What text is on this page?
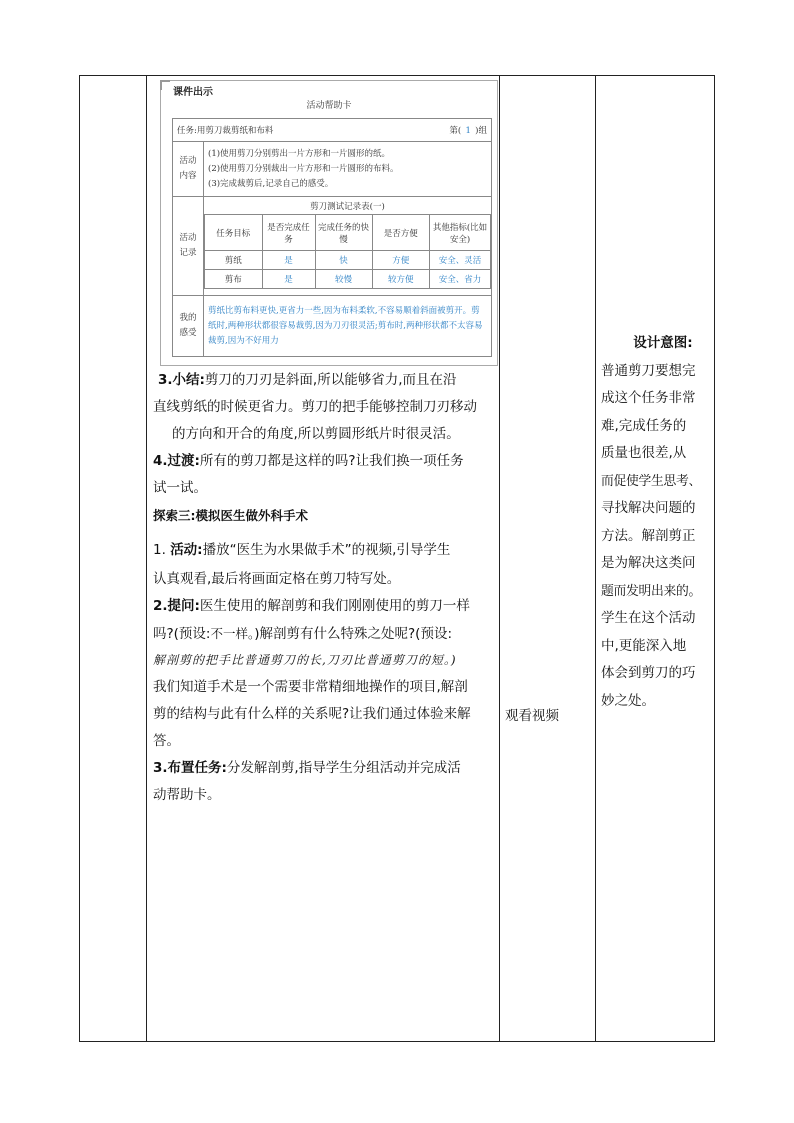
课件出示
活动帮助卡
任务:用剪刀裁剪纸和布料	第( 1 )组

活动内容	
(1)使用剪刀分别剪出一片方形和一片圆形的纸。
(2)使用剪刀分别裁出一片方形和一片圆形的布料。
(3)完成裁剪后,记录自己的感受。

活动记录	
剪刀测试记录表(一)
任务目标	是否完成任务	完成任务的快慢	是否方便	其他指标(比如安全)
剪纸	是	快	方便	安全、灵活
剪布	是	较慢	较方便	安全、省力

我的感受	剪纸比剪布料更快,更省力一些,因为布料柔软,不容易顺着斜面被剪开。剪纸时,两种形状都很容易裁剪,因为刀刃很灵活;剪布时,两种形状都不太容易裁剪,因为不好用力
3.小结:剪刀的刀刃是斜面,所以能够省力,而且在沿
直线剪纸的时候更省力。剪刀的把手能够控制刀刃移动
的方向和开合的角度,所以剪圆形纸片时很灵活。
4.过渡:所有的剪刀都是这样的吗?让我们换一项任务
试一试。
探索三:模拟医生做外科手术
1. 活动:播放“医生为水果做手术”的视频,引导学生
认真观看,最后将画面定格在剪刀特写处。
2.提问:医生使用的解剖剪和我们刚刚使用的剪刀一样
吗?(预设:不一样。)解剖剪有什么特殊之处呢?(预设:
解剖剪的把手比普通剪刀的长,刀刃比普通剪刀的短。)
我们知道手术是一个需要非常精细地操作的项目,解剖
剪的结构与此有什么样的关系呢?让我们通过体验来解
答。
3.布置任务:分发解剖剪,指导学生分组活动并完成活
动帮助卡。
观看视频
设计意图:
普通剪刀要想完
成这个任务非常
难,完成任务的
质量也很差,从
而促使学生思考、
寻找解决问题的
方法。解剖剪正
是为解决这类问
题而发明出来的。
学生在这个活动
中,更能深入地
体会到剪刀的巧
妙之处。
